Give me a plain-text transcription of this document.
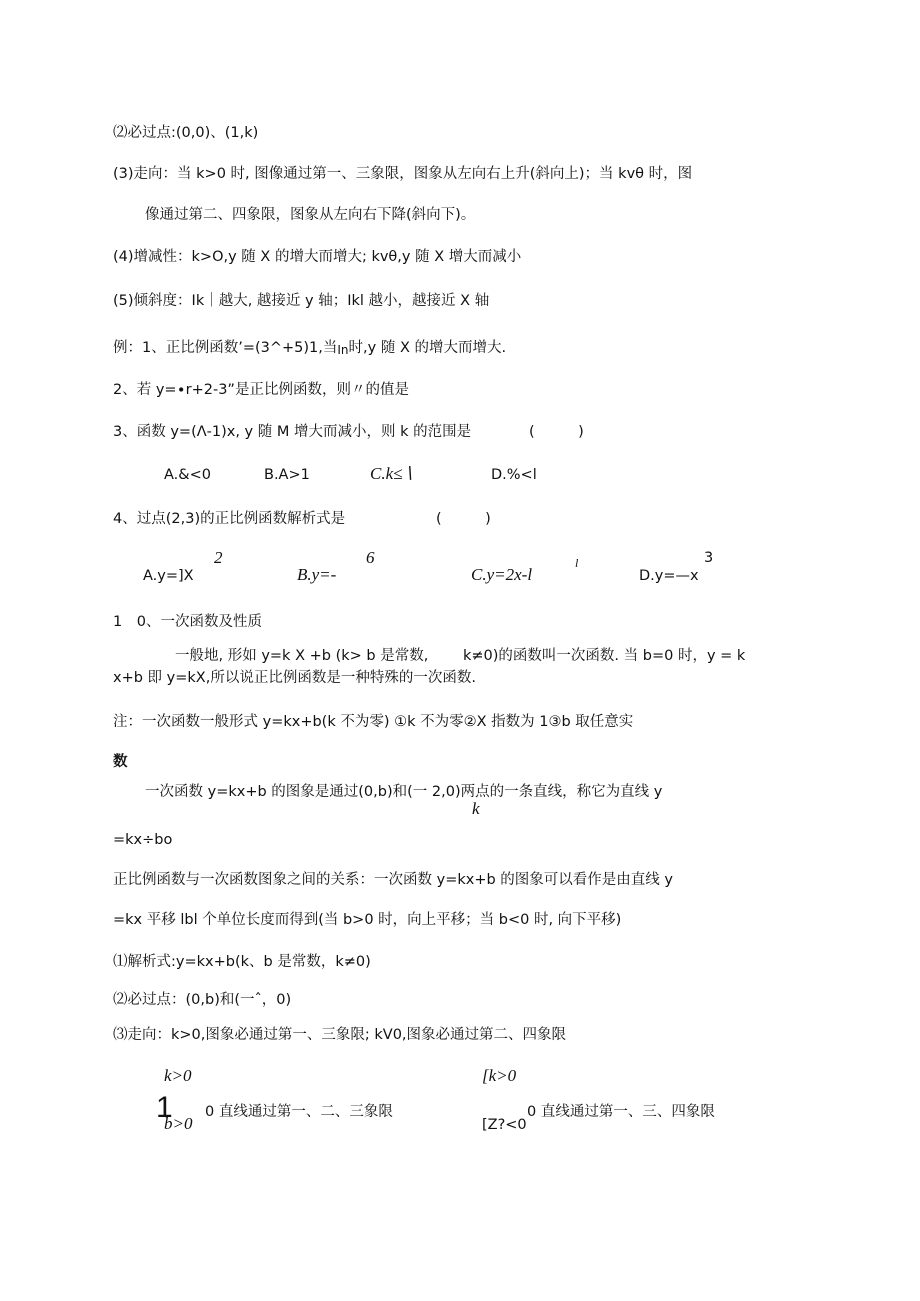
⑵必过点:(0,0)、(1,k)
(3)走向：当 k>0 时, 图像通过第一、三象限，图象从左向右上升(斜向上)；当 kvθ 时，图
像通过第二、四象限，图象从左向右下降(斜向下)。
(4)增减性：k>O,y 随 X 的增大而增大; kvθ,y 随 X 增大而减小
(5)倾斜度：Ik｜越大, 越接近 y 轴；Ikl 越小，越接近 X 轴
例：1、正比例函数’=(3^+5)1,当In时,y 随 X 的增大而增大.
2、若 y=∙r+2-3”是正比例函数，则〃的值是
3、函数 y=(Λ-1)x, y 随 M 增大而减小，则 k 的范围是	(　　　)
A.&<0	B.A>1	C.k≤∖	D.%<l
4、过点(2,3)的正比例函数解析式是	(　　　)
2	6	l	3
A.y=]X	B.y=-	C.y=2x-l	D.y=—x
1　0、一次函数及性质
一般地, 形如 y=k X +b (k> b 是常数, k≠0)的函数叫一次函数. 当 b=0 时，y = k
x+b 即 y=kX,所以说正比例函数是一种特殊的一次函数.
注：一次函数一般形式 y=kx+b(k 不为零) ①k 不为零②X 指数为 1③b 取任意实
数
一次函数 y=kx+b 的图象是通过(0,b)和(一 2,0)两点的一条直线，称它为直线 y
k
=kx÷bo
正比例函数与一次函数图象之间的关系：一次函数 y=kx+b 的图象可以看作是由直线 y
=kx 平移 lbl 个单位长度而得到(当 b>0 时，向上平移；当 b<0 时, 向下平移)
⑴解析式:y=kx+b(k、b 是常数，k≠0)
⑵必过点：(0,b)和(一ˆ，0)
⑶走向：k>0,图象必通过第一、三象限; kV0,图象必通过第二、四象限
k>0
1
b>0
0 直线通过第一、二、三象限
[k>0
[Z?<0
0 直线通过第一、三、四象限
